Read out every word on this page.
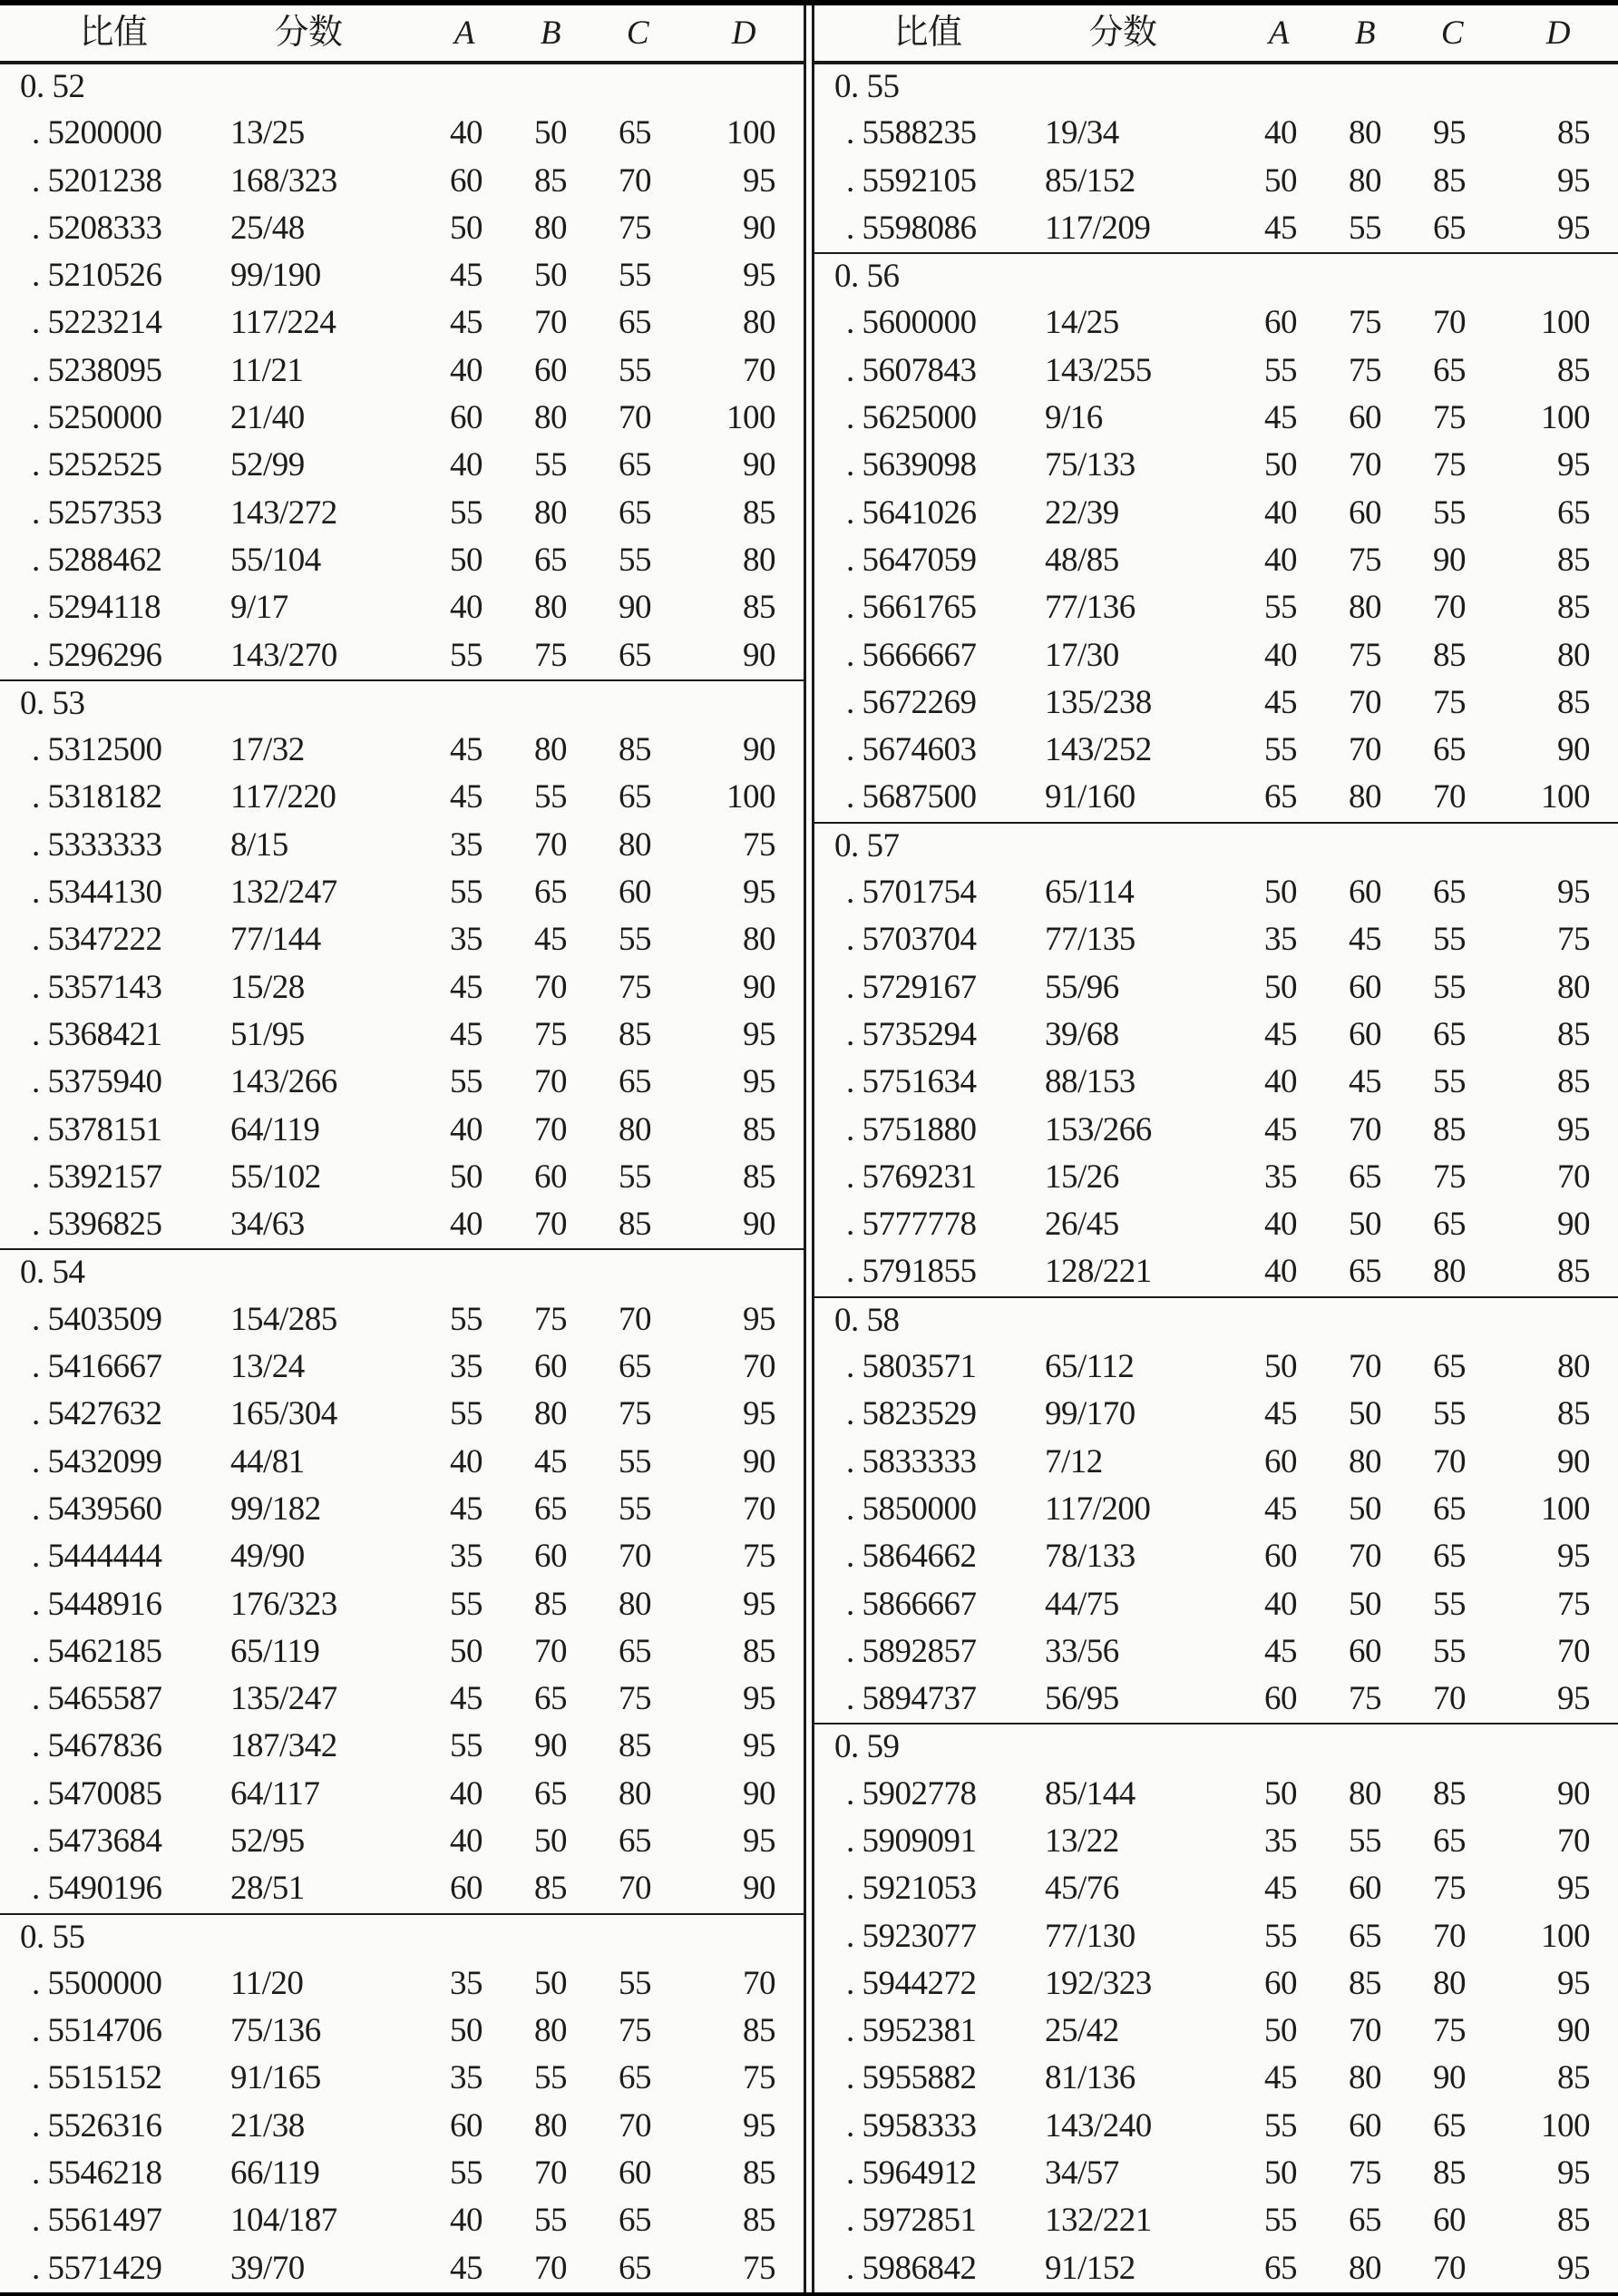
比值	分数	A	B	C	D
0. 52
. 5200000	13/25	40	50	65	100
. 5201238	168/323	60	85	70	95
. 5208333	25/48	50	80	75	90
. 5210526	99/190	45	50	55	95
. 5223214	117/224	45	70	65	80
. 5238095	11/21	40	60	55	70
. 5250000	21/40	60	80	70	100
. 5252525	52/99	40	55	65	90
. 5257353	143/272	55	80	65	85
. 5288462	55/104	50	65	55	80
. 5294118	9/17	40	80	90	85
. 5296296	143/270	55	75	65	90
0. 53
. 5312500	17/32	45	80	85	90
. 5318182	117/220	45	55	65	100
. 5333333	8/15	35	70	80	75
. 5344130	132/247	55	65	60	95
. 5347222	77/144	35	45	55	80
. 5357143	15/28	45	70	75	90
. 5368421	51/95	45	75	85	95
. 5375940	143/266	55	70	65	95
. 5378151	64/119	40	70	80	85
. 5392157	55/102	50	60	55	85
. 5396825	34/63	40	70	85	90
0. 54
. 5403509	154/285	55	75	70	95
. 5416667	13/24	35	60	65	70
. 5427632	165/304	55	80	75	95
. 5432099	44/81	40	45	55	90
. 5439560	99/182	45	65	55	70
. 5444444	49/90	35	60	70	75
. 5448916	176/323	55	85	80	95
. 5462185	65/119	50	70	65	85
. 5465587	135/247	45	65	75	95
. 5467836	187/342	55	90	85	95
. 5470085	64/117	40	65	80	90
. 5473684	52/95	40	50	65	95
. 5490196	28/51	60	85	70	90
0. 55
. 5500000	11/20	35	50	55	70
. 5514706	75/136	50	80	75	85
. 5515152	91/165	35	55	65	75
. 5526316	21/38	60	80	70	95
. 5546218	66/119	55	70	60	85
. 5561497	104/187	40	55	65	85
. 5571429	39/70	45	70	65	75
比值	分数	A	B	C	D
0. 55
. 5588235	19/34	40	80	95	85
. 5592105	85/152	50	80	85	95
. 5598086	117/209	45	55	65	95
0. 56
. 5600000	14/25	60	75	70	100
. 5607843	143/255	55	75	65	85
. 5625000	9/16	45	60	75	100
. 5639098	75/133	50	70	75	95
. 5641026	22/39	40	60	55	65
. 5647059	48/85	40	75	90	85
. 5661765	77/136	55	80	70	85
. 5666667	17/30	40	75	85	80
. 5672269	135/238	45	70	75	85
. 5674603	143/252	55	70	65	90
. 5687500	91/160	65	80	70	100
0. 57
. 5701754	65/114	50	60	65	95
. 5703704	77/135	35	45	55	75
. 5729167	55/96	50	60	55	80
. 5735294	39/68	45	60	65	85
. 5751634	88/153	40	45	55	85
. 5751880	153/266	45	70	85	95
. 5769231	15/26	35	65	75	70
. 5777778	26/45	40	50	65	90
. 5791855	128/221	40	65	80	85
0. 58
. 5803571	65/112	50	70	65	80
. 5823529	99/170	45	50	55	85
. 5833333	7/12	60	80	70	90
. 5850000	117/200	45	50	65	100
. 5864662	78/133	60	70	65	95
. 5866667	44/75	40	50	55	75
. 5892857	33/56	45	60	55	70
. 5894737	56/95	60	75	70	95
0. 59
. 5902778	85/144	50	80	85	90
. 5909091	13/22	35	55	65	70
. 5921053	45/76	45	60	75	95
. 5923077	77/130	55	65	70	100
. 5944272	192/323	60	85	80	95
. 5952381	25/42	50	70	75	90
. 5955882	81/136	45	80	90	85
. 5958333	143/240	55	60	65	100
. 5964912	34/57	50	75	85	95
. 5972851	132/221	55	65	60	85
. 5986842	91/152	65	80	70	95
